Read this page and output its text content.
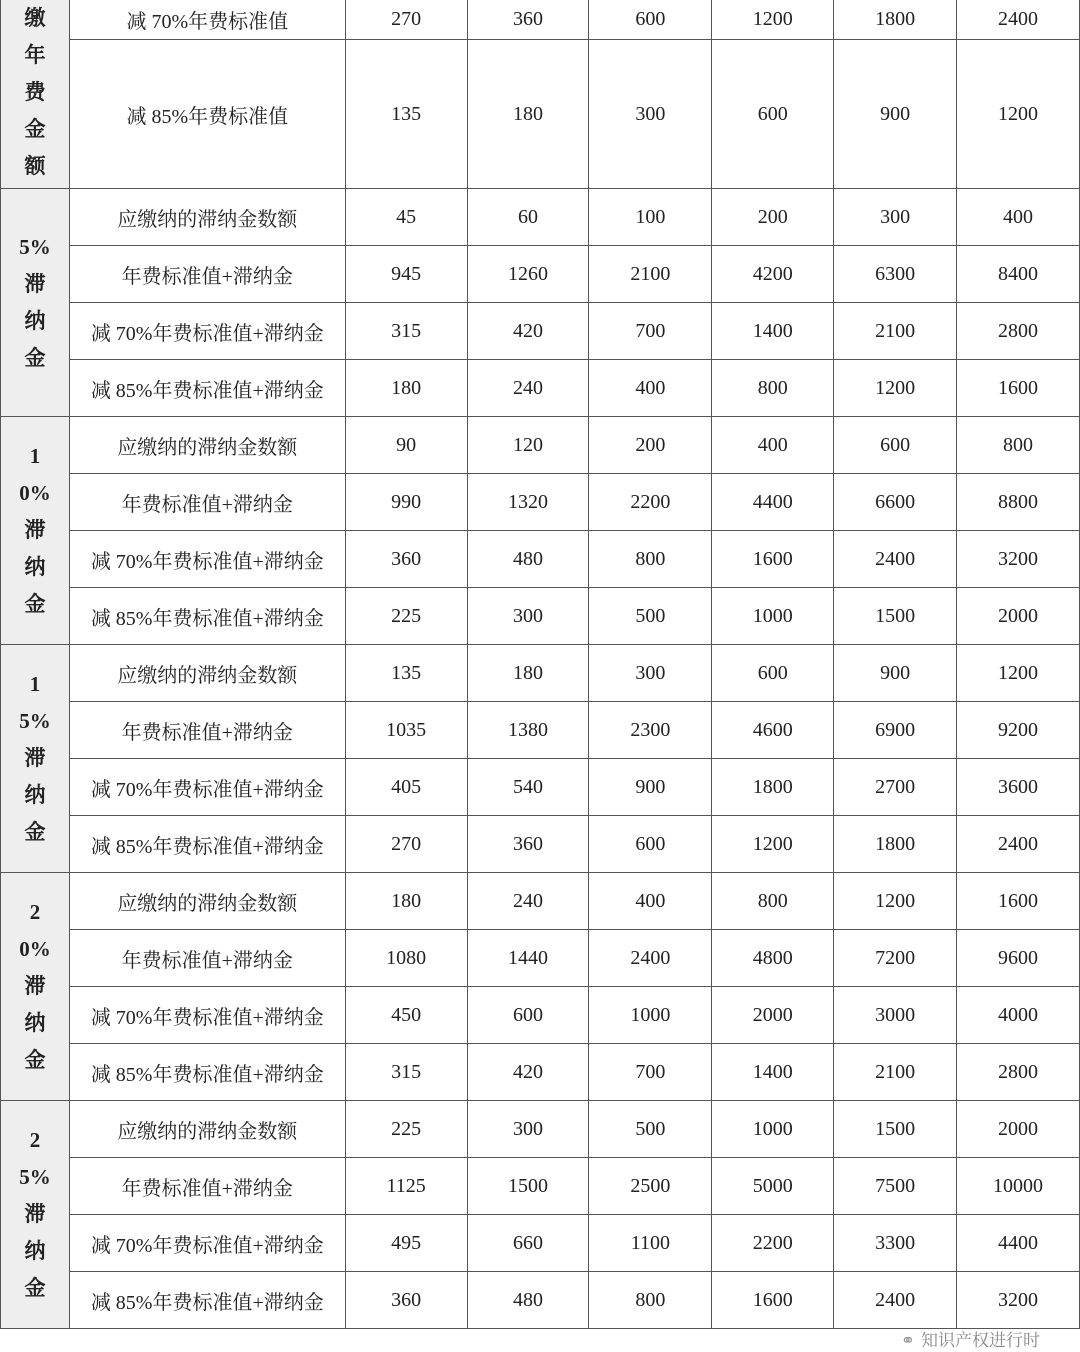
缴年费金额	减 70%年费标准值	270	360	600	1200	1800	2400
	减 85%年费标准值	135	180	300	600	900	1200
5%滞纳金	应缴纳的滞纳金数额	45	60	100	200	300	400
	年费标准值+滞纳金	945	1260	2100	4200	6300	8400
	减 70%年费标准值+滞纳金	315	420	700	1400	2100	2800
	减 85%年费标准值+滞纳金	180	240	400	800	1200	1600
10%滞纳金	应缴纳的滞纳金数额	90	120	200	400	600	800
	年费标准值+滞纳金	990	1320	2200	4400	6600	8800
	减 70%年费标准值+滞纳金	360	480	800	1600	2400	3200
	减 85%年费标准值+滞纳金	225	300	500	1000	1500	2000
15%滞纳金	应缴纳的滞纳金数额	135	180	300	600	900	1200
	年费标准值+滞纳金	1035	1380	2300	4600	6900	9200
	减 70%年费标准值+滞纳金	405	540	900	1800	2700	3600
	减 85%年费标准值+滞纳金	270	360	600	1200	1800	2400
20%滞纳金	应缴纳的滞纳金数额	180	240	400	800	1200	1600
	年费标准值+滞纳金	1080	1440	2400	4800	7200	9600
	减 70%年费标准值+滞纳金	450	600	1000	2000	3000	4000
	减 85%年费标准值+滞纳金	315	420	700	1400	2100	2800
25%滞纳金	应缴纳的滞纳金数额	225	300	500	1000	1500	2000
	年费标准值+滞纳金	1125	1500	2500	5000	7500	10000
	减 70%年费标准值+滞纳金	495	660	1100	2200	3300	4400
	减 85%年费标准值+滞纳金	360	480	800	1600	2400	3200
⚭ 知识产权进行时
